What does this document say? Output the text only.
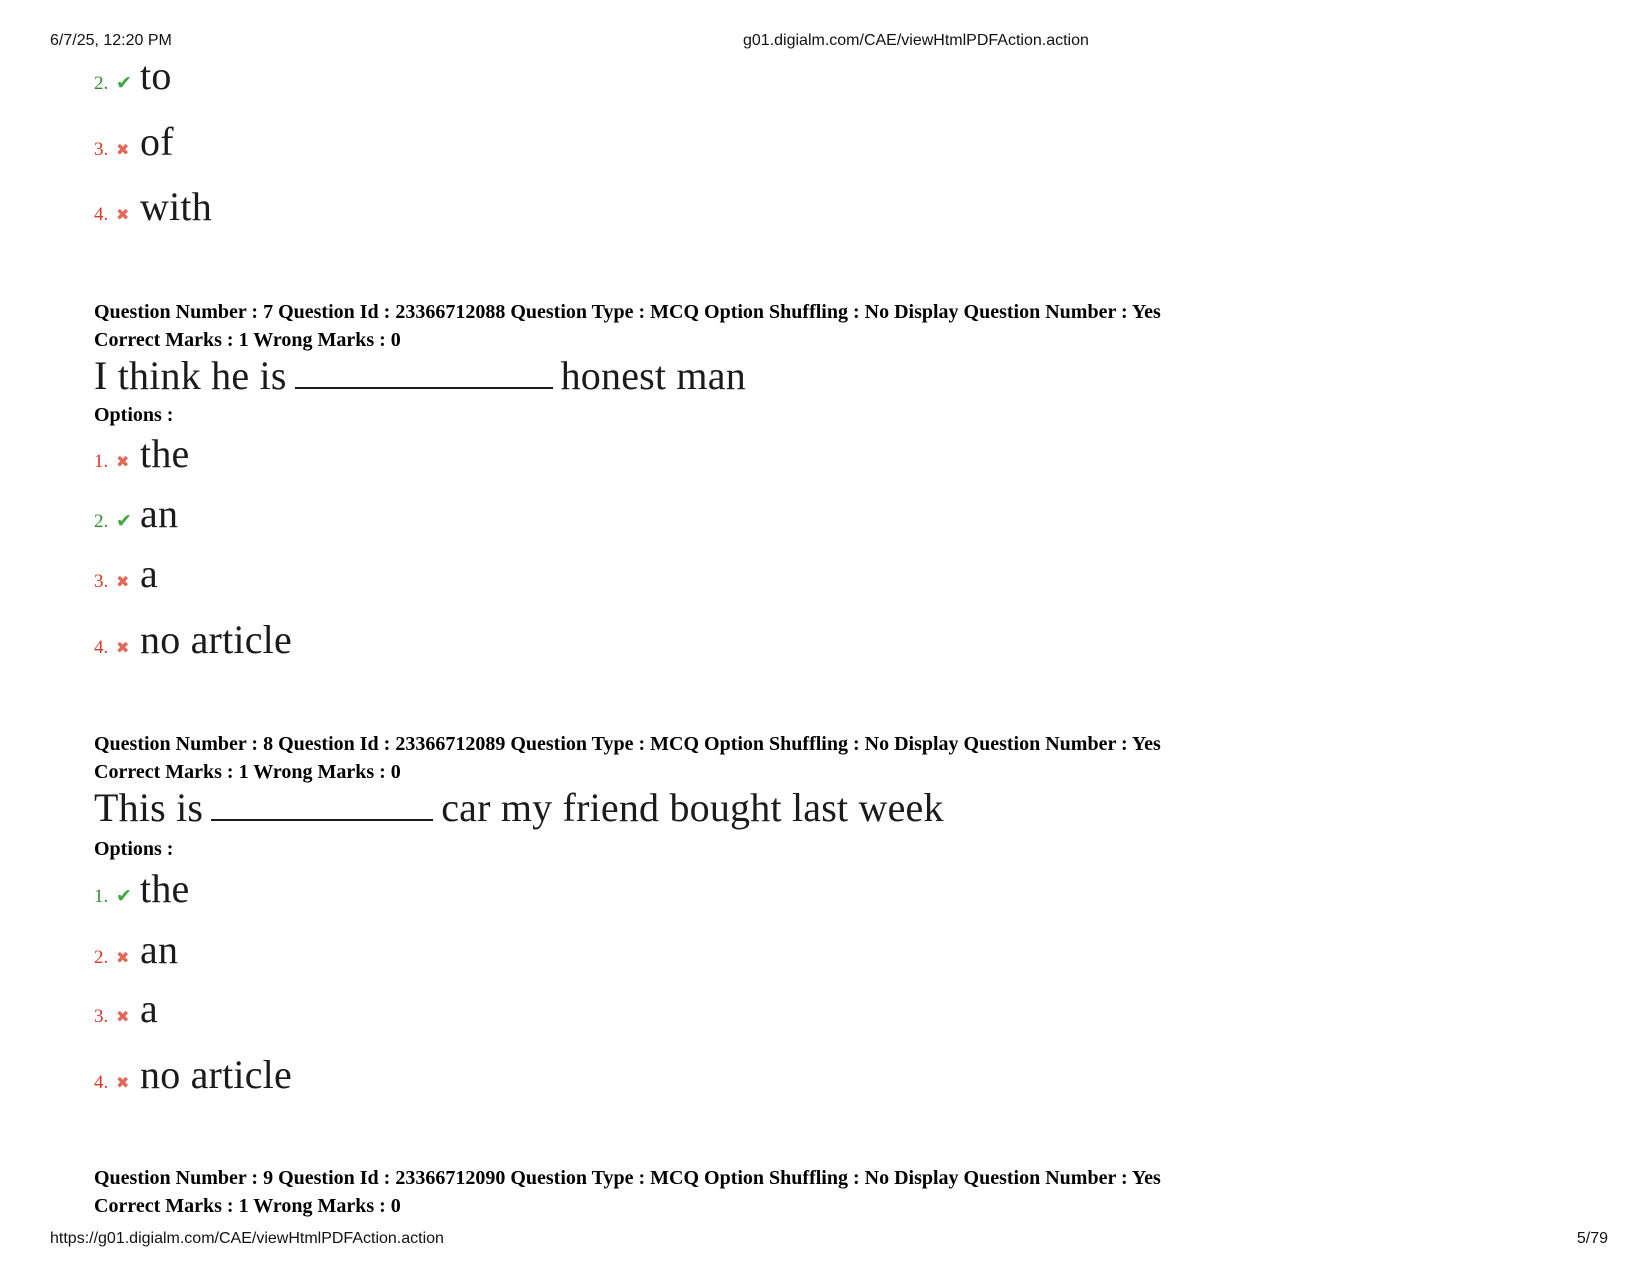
6/7/25, 12:20 PM	g01.digialm.com/CAE/viewHtmlPDFAction.action
2. ✔ to
3. ✖ of
4. ✖ with
Question Number : 7 Question Id : 23366712088 Question Type : MCQ Option Shuffling : No Display Question Number : Yes
Correct Marks : 1 Wrong Marks : 0
I think he is	honest man
Options :
1. ✖ the
2. ✔ an
3. ✖ a
4. ✖ no article
Question Number : 8 Question Id : 23366712089 Question Type : MCQ Option Shuffling : No Display Question Number : Yes
Correct Marks : 1 Wrong Marks : 0
This is	car my friend bought last week
Options :
1. ✔ the
2. ✖ an
3. ✖ a
4. ✖ no article
Question Number : 9 Question Id : 23366712090 Question Type : MCQ Option Shuffling : No Display Question Number : Yes
Correct Marks : 1 Wrong Marks : 0
https://g01.digialm.com/CAE/viewHtmlPDFAction.action	5/79
